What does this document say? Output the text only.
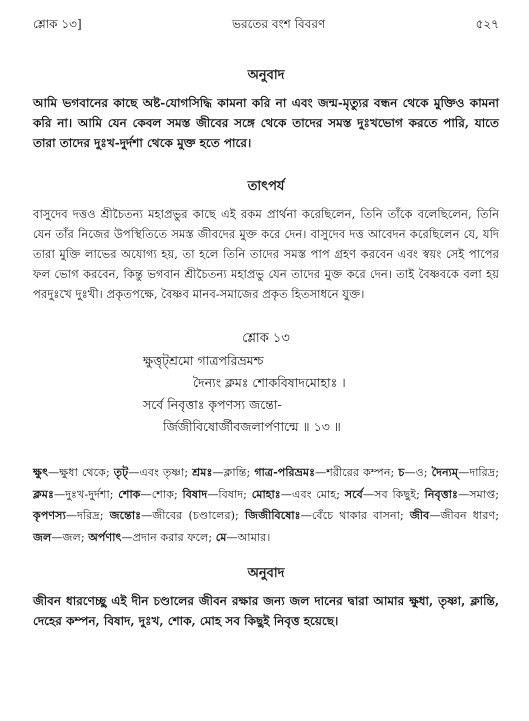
শ্লোক ১৩]	ভরতের বংশ বিবরণ	৫২৭
অনুবাদ

আমি ভগবানের কাছে অষ্ট-যোগসিদ্ধি কামনা করি না এবং জন্ম-মৃত্যুর বন্ধন থেকে মুক্তিও কামনা করি না। আমি যেন কেবল সমস্ত জীবের সঙ্গে থেকে তাদের সমস্ত দুঃখভোগ করতে পারি, যাতে তারা তাদের দুঃখ-দুর্দশা থেকে মুক্ত হতে পারে।

তাৎপর্য

বাসুদেব দত্তও শ্রীচৈতন্য মহাপ্রভুর কাছে এই রকম প্রার্থনা করেছিলেন, তিনি তাঁকে বলেছিলেন, তিনি যেন তাঁর নিজের উপস্থিতিতে সমস্ত জীবদের মুক্ত করে দেন। বাসুদেব দত্ত আবেদন করেছিলেন যে, যদি তারা মুক্তি লাভের অযোগ্য হয়, তা হলে তিনি তাদের সমস্ত পাপ গ্রহণ করবেন এবং স্বয়ং সেই পাপের ফল ভোগ করবেন, কিন্তু ভগবান শ্রীচৈতন্য মহাপ্রভু যেন তাদের মুক্ত করে দেন। তাই বৈষ্ণবকে বলা হয় পরদুঃখে দুঃখী। প্রকৃতপক্ষে, বৈষ্ণব মানব-সমাজের প্রকৃত হিতসাধনে যুক্ত।

শ্লোক ১৩
ক্ষুত্তৃট্শ্রমো গাত্রপরিভ্রমশ্চ
দৈন্যং ক্লমঃ শোকবিষাদমোহাঃ ।
সর্বে নিবৃত্তাঃ কৃপণস্য জন্তো-
র্জিজীবিষোর্জীবজলার্পণান্মে ॥ ১৩ ॥
ক্ষুৎ—ক্ষুধা থেকে; তৃট্—এবং তৃষ্ণা; শ্রমঃ—ক্লান্তি; গাত্র-পরিভ্রমঃ—শরীরের কম্পন; চ—ও; দৈন্যম্—দারিদ্র; ক্লমঃ—দুঃখ-দুর্দশা; শোক—শোক; বিষাদ—বিষাদ; মোহাঃ—এবং মোহ; সর্বে—সব কিছুই; নিবৃত্তাঃ—সমাপ্ত; কৃপণস্য—দরিদ্র; জন্তোঃ—জীবের (চণ্ডালের); জিজীবিষোঃ—বেঁচে থাকার বাসনা; জীব—জীবন ধারণ; জল—জল; অর্পণাৎ—প্রদান করার ফলে; মে—আমার।
অনুবাদ

জীবন ধারণেচ্ছু এই দীন চণ্ডালের জীবন রক্ষার জন্য জল দানের দ্বারা আমার ক্ষুধা, তৃষ্ণা, ক্লান্তি, দেহের কম্পন, বিষাদ, দুঃখ, শোক, মোহ সব কিছুই নিবৃত্ত হয়েছে।
